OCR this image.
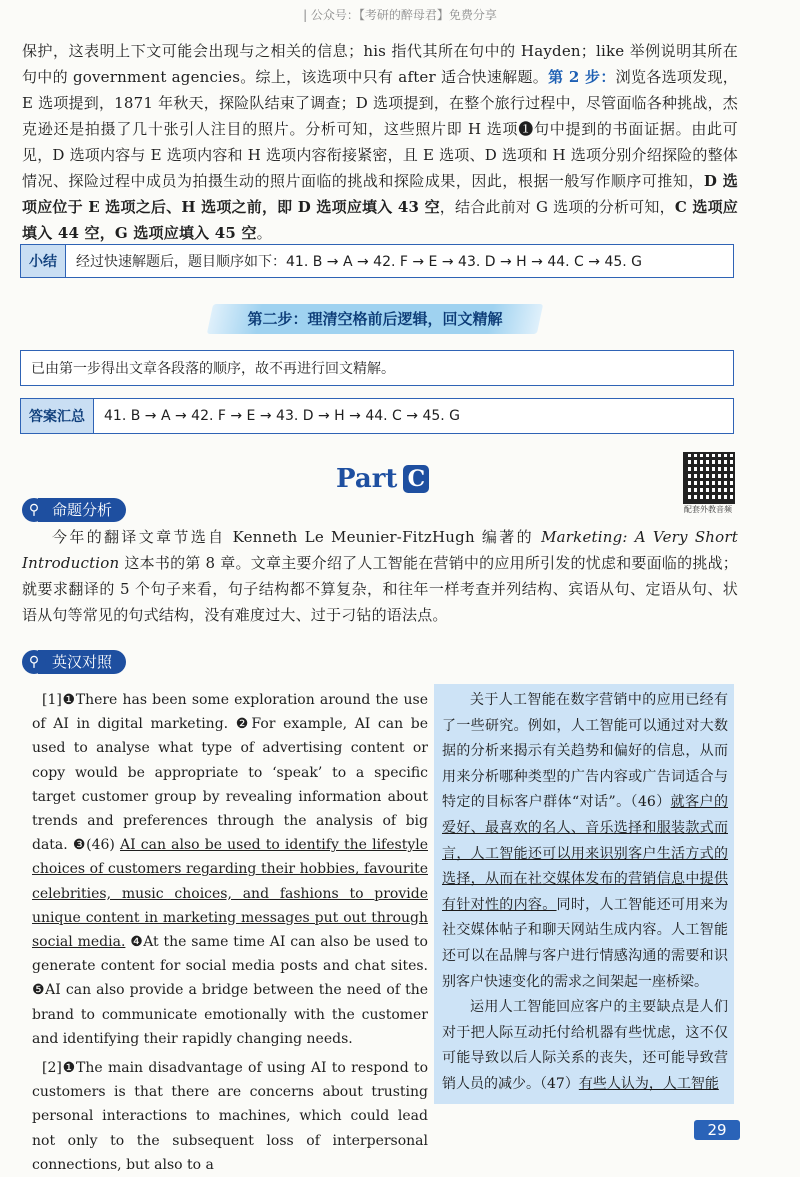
| 公众号：【考研的醉母君】免费分享
保护，这表明上下文可能会出现与之相关的信息；his 指代其所在句中的 Hayden；like 举例说明其所在句中的 government agencies。综上，该选项中只有 after 适合快速解题。第 2 步：浏览各选项发现，E 选项提到，1871 年秋天，探险队结束了调查；D 选项提到，在整个旅行过程中，尽管面临各种挑战，杰克逊还是拍摄了几十张引人注目的照片。分析可知，这些照片即 H 选项❶句中提到的书面证据。由此可见，D 选项内容与 E 选项内容和 H 选项内容衔接紧密，且 E 选项、D 选项和 H 选项分别介绍探险的整体情况、探险过程中成员为拍摄生动的照片面临的挑战和探险成果，因此，根据一般写作顺序可推知，D 选项应位于 E 选项之后、H 选项之前，即 D 选项应填入 43 空，结合此前对 G 选项的分析可知，C 选项应填入 44 空，G 选项应填入 45 空。
小结	经过快速解题后，题目顺序如下：41. B → A → 42. F → E → 43. D → H → 44. C → 45. G
第二步：理清空格前后逻辑，回文精解
已由第一步得出文章各段落的顺序，故不再进行回文精解。
答案汇总	41. B → A → 42. F → E → 43. D → H → 44. C → 45. G
Part C
配套外教音频
⚲ 命题分析
今年的翻译文章节选自 Kenneth Le Meunier-FitzHugh 编著的 Marketing: A Very Short Introduction 这本书的第 8 章。文章主要介绍了人工智能在营销中的应用所引发的忧虑和要面临的挑战；就要求翻译的 5 个句子来看，句子结构都不算复杂，和往年一样考查并列结构、宾语从句、定语从句、状语从句等常见的句式结构，没有难度过大、过于刁钻的语法点。
⚲ 英汉对照

[1]❶There has been some exploration around the use of AI in digital marketing. ❷For example, AI can be used to analyse what type of advertising content or copy would be appropriate to ‘speak’ to a specific target customer group by revealing information about trends and preferences through the analysis of big data. ❸(46) AI can also be used to identify the lifestyle choices of customers regarding their hobbies, favourite celebrities, music choices, and fashions to provide unique content in marketing messages put out through social media. ❹At the same time AI can also be used to generate content for social media posts and chat sites. ❺AI can also provide a bridge between the need of the brand to communicate emotionally with the customer and identifying their rapidly changing needs.

[2]❶The main disadvantage of using AI to respond to customers is that there are concerns about trusting personal interactions to machines, which could lead not only to the subsequent loss of interpersonal connections, but also to a

关于人工智能在数字营销中的应用已经有了一些研究。例如，人工智能可以通过对大数据的分析来揭示有关趋势和偏好的信息，从而用来分析哪种类型的广告内容或广告词适合与特定的目标客户群体“对话”。（46）就客户的爱好、最喜欢的名人、音乐选择和服装款式而言，人工智能还可以用来识别客户生活方式的选择，从而在社交媒体发布的营销信息中提供有针对性的内容。同时，人工智能还可用来为社交媒体帖子和聊天网站生成内容。人工智能还可以在品牌与客户进行情感沟通的需要和识别客户快速变化的需求之间架起一座桥梁。

运用人工智能回应客户的主要缺点是人们对于把人际互动托付给机器有些忧虑，这不仅可能导致以后人际关系的丧失，还可能导致营销人员的减少。（47）有些人认为，人工智能

29
